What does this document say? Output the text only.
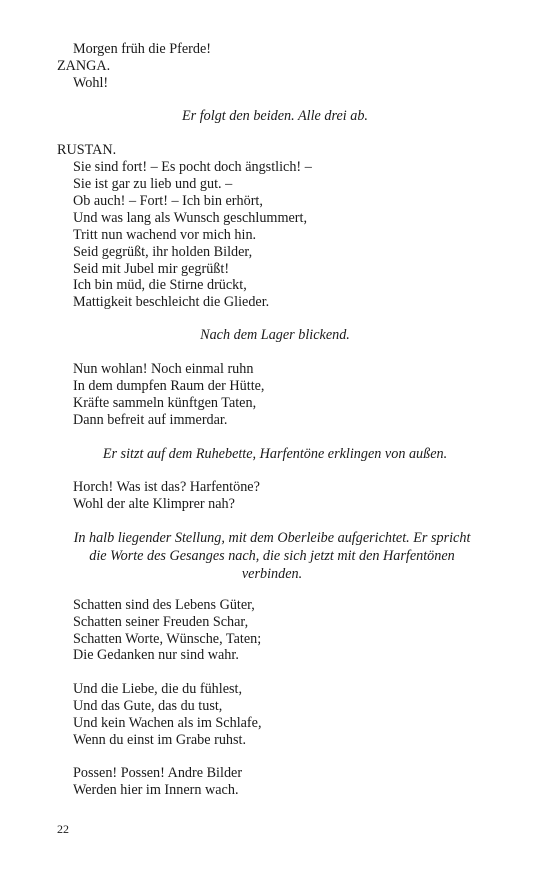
Morgen früh die Pferde!
ZANGA.
Wohl!
Er folgt den beiden. Alle drei ab.
RUSTAN.
Sie sind fort! – Es pocht doch ängstlich! –
Sie ist gar zu lieb und gut. –
Ob auch! – Fort! – Ich bin erhört,
Und was lang als Wunsch geschlummert,
Tritt nun wachend vor mich hin.
Seid gegrüßt, ihr holden Bilder,
Seid mit Jubel mir gegrüßt!
Ich bin müd, die Stirne drückt,
Mattigkeit beschleicht die Glieder.
Nach dem Lager blickend.
Nun wohlan! Noch einmal ruhn
In dem dumpfen Raum der Hütte,
Kräfte sammeln künftgen Taten,
Dann befreit auf immerdar.
Er sitzt auf dem Ruhebette, Harfentöne erklingen von außen.
Horch! Was ist das? Harfentöne?
Wohl der alte Klimprer nah?
In halb liegender Stellung, mit dem Oberleibe aufgerichtet. Er spricht
die Worte des Gesanges nach, die sich jetzt mit den Harfentönen
verbinden.
Schatten sind des Lebens Güter,
Schatten seiner Freuden Schar,
Schatten Worte, Wünsche, Taten;
Die Gedanken nur sind wahr.
Und die Liebe, die du fühlest,
Und das Gute, das du tust,
Und kein Wachen als im Schlafe,
Wenn du einst im Grabe ruhst.
Possen! Possen! Andre Bilder
Werden hier im Innern wach.
22
